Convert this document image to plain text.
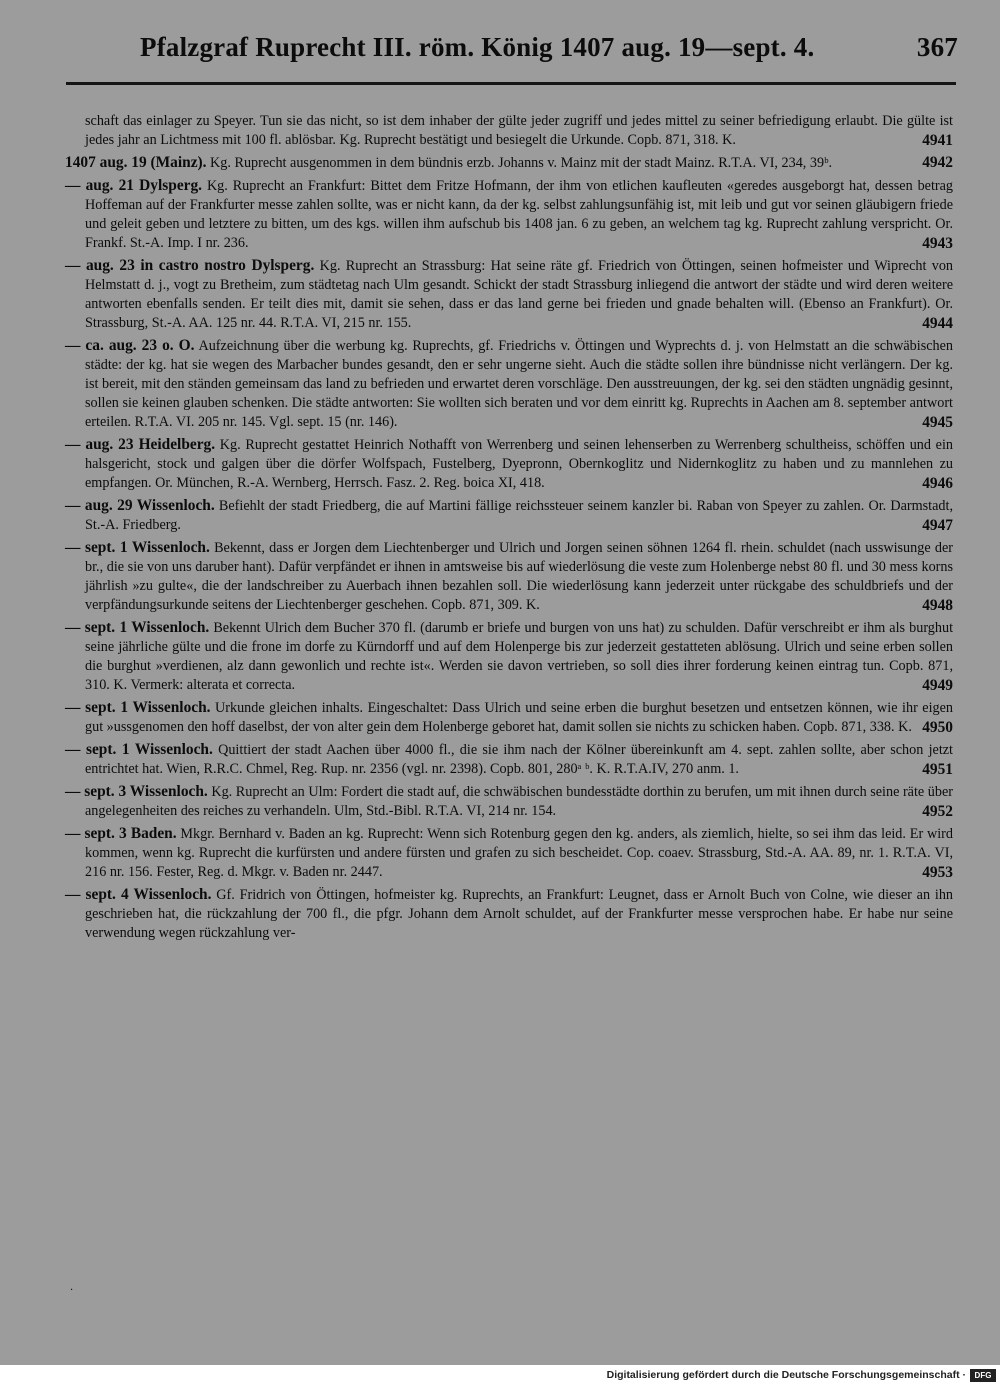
Pfalzgraf Ruprecht III. röm. König 1407 aug. 19—sept. 4.	367

schaft das einlager zu Speyer. Tun sie das nicht, so ist dem inhaber der gülte jeder zugriff und jedes mittel zu seiner befriedigung erlaubt. Die gülte ist jedes jahr an Lichtmess mit 100 fl. ablösbar. Kg. Ruprecht bestätigt und besiegelt die Urkunde. Copb. 871, 318. K.	4941

1407 aug. 19 (Mainz). Kg. Ruprecht ausgenommen in dem bündnis erzb. Johanns v. Mainz mit der stadt Mainz. R.T.A. VI, 234, 39ᵇ.	4942

— aug. 21 Dylsperg. Kg. Ruprecht an Frankfurt: Bittet dem Fritze Hofmann, der ihm von etlichen kaufleuten «geredes ausgeborgt hat, dessen betrag Hoffeman auf der Frankfurter messe zahlen sollte, was er nicht kann, da der kg. selbst zahlungsunfähig ist, mit leib und gut vor seinen gläubigern friede und geleit geben und letztere zu bitten, um des kgs. willen ihm aufschub bis 1408 jan. 6 zu geben, an welchem tag kg. Ruprecht zahlung verspricht. Or. Frankf. St.-A. Imp. I nr. 236.	4943

— aug. 23 in castro nostro Dylsperg. Kg. Ruprecht an Strassburg: Hat seine räte gf. Friedrich von Öttingen, seinen hofmeister und Wiprecht von Helmstatt d. j., vogt zu Bretheim, zum städtetag nach Ulm gesandt. Schickt der stadt Strassburg inliegend die antwort der städte und wird deren weitere antworten ebenfalls senden. Er teilt dies mit, damit sie sehen, dass er das land gerne bei frieden und gnade behalten will. (Ebenso an Frankfurt). Or. Strassburg, St.-A. AA. 125 nr. 44. R.T.A. VI, 215 nr. 155.	4944

— ca. aug. 23 o. O. Aufzeichnung über die werbung kg. Ruprechts, gf. Friedrichs v. Öttingen und Wyprechts d. j. von Helmstatt an die schwäbischen städte: der kg. hat sie wegen des Marbacher bundes gesandt, den er sehr ungerne sieht. Auch die städte sollen ihre bündnisse nicht verlängern. Der kg. ist bereit, mit den ständen gemeinsam das land zu befrieden und erwartet deren vorschläge. Den ausstreuungen, der kg. sei den städten ungnädig gesinnt, sollen sie keinen glauben schenken. Die städte antworten: Sie wollten sich beraten und vor dem einritt kg. Ruprechts in Aachen am 8. september antwort erteilen. R.T.A. VI. 205 nr. 145. Vgl. sept. 15 (nr. 146).	4945

— aug. 23 Heidelberg. Kg. Ruprecht gestattet Heinrich Nothafft von Werrenberg und seinen lehenserben zu Werrenberg schultheiss, schöffen und ein halsgericht, stock und galgen über die dörfer Wolfspach, Fustelberg, Dyepronn, Obernkoglitz und Nidernkoglitz zu haben und zu mannlehen zu empfangen. Or. München, R.-A. Wernberg, Herrsch. Fasz. 2. Reg. boica XI, 418.	4946

— aug. 29 Wissenloch. Befiehlt der stadt Friedberg, die auf Martini fällige reichssteuer seinem kanzler bi. Raban von Speyer zu zahlen. Or. Darmstadt, St.-A. Friedberg.	4947

— sept. 1 Wissenloch. Bekennt, dass er Jorgen dem Liechtenberger und Ulrich und Jorgen seinen söhnen 1264 fl. rhein. schuldet (nach usswisunge der br., die sie von uns daruber hant). Dafür verpfändet er ihnen in amtsweise bis auf wiederlösung die veste zum Holenberge nebst 80 fl. und 30 mess korns jährlish »zu gulte«, die der landschreiber zu Auerbach ihnen bezahlen soll. Die wiederlösung kann jederzeit unter rückgabe des schuldbriefs und der verpfändungsurkunde seitens der Liechtenberger geschehen. Copb. 871, 309. K.	4948

— sept. 1 Wissenloch. Bekennt Ulrich dem Bucher 370 fl. (darumb er briefe und burgen von uns hat) zu schulden. Dafür verschreibt er ihm als burghut seine jährliche gülte und die frone im dorfe zu Kürndorff und auf dem Holenperge bis zur jederzeit gestatteten ablösung. Ulrich und seine erben sollen die burghut »verdienen, alz dann gewonlich und rechte ist«. Werden sie davon vertrieben, so soll dies ihrer forderung keinen eintrag tun. Copb. 871, 310. K. Vermerk: alterata et correcta.	4949

— sept. 1 Wissenloch. Urkunde gleichen inhalts. Eingeschaltet: Dass Ulrich und seine erben die burghut besetzen und entsetzen können, wie ihr eigen gut »ussgenomen den hoff daselbst, der von alter gein dem Holenberge geboret hat, damit sollen sie nichts zu schicken haben. Copb. 871, 338. K. 4950

— sept. 1 Wissenloch. Quittiert der stadt Aachen über 4000 fl., die sie ihm nach der Kölner übereinkunft am 4. sept. zahlen sollte, aber schon jetzt entrichtet hat. Wien, R.R.C. Chmel, Reg. Rup. nr. 2356 (vgl. nr. 2398). Copb. 801, 280ᵃ ᵇ. K. R.T.A.IV, 270 anm. 1.	4951

— sept. 3 Wissenloch. Kg. Ruprecht an Ulm: Fordert die stadt auf, die schwäbischen bundesstädte dorthin zu berufen, um mit ihnen durch seine räte über angelegenheiten des reiches zu verhandeln. Ulm, Std.-Bibl. R.T.A. VI, 214 nr. 154.	4952

— sept. 3 Baden. Mkgr. Bernhard v. Baden an kg. Ruprecht: Wenn sich Rotenburg gegen den kg. anders, als ziemlich, hielte, so sei ihm das leid. Er wird kommen, wenn kg. Ruprecht die kurfürsten und andere fürsten und grafen zu sich bescheidet. Cop. coaev. Strassburg, Std.-A. AA. 89, nr. 1. R.T.A. VI, 216 nr. 156. Fester, Reg. d. Mkgr. v. Baden nr. 2447.	4953

— sept. 4 Wissenloch. Gf. Fridrich von Öttingen, hofmeister kg. Ruprechts, an Frankfurt: Leugnet, dass er Arnolt Buch von Colne, wie dieser an ihn geschrieben hat, die rückzahlung der 700 fl., die pfgr. Johann dem Arnolt schuldet, auf der Frankfurter messe versprochen habe. Er habe nur seine verwendung wegen rückzahlung ver-

·
Digitalisierung gefördert durch die Deutsche Forschungsgemeinschaft ·	DFG
